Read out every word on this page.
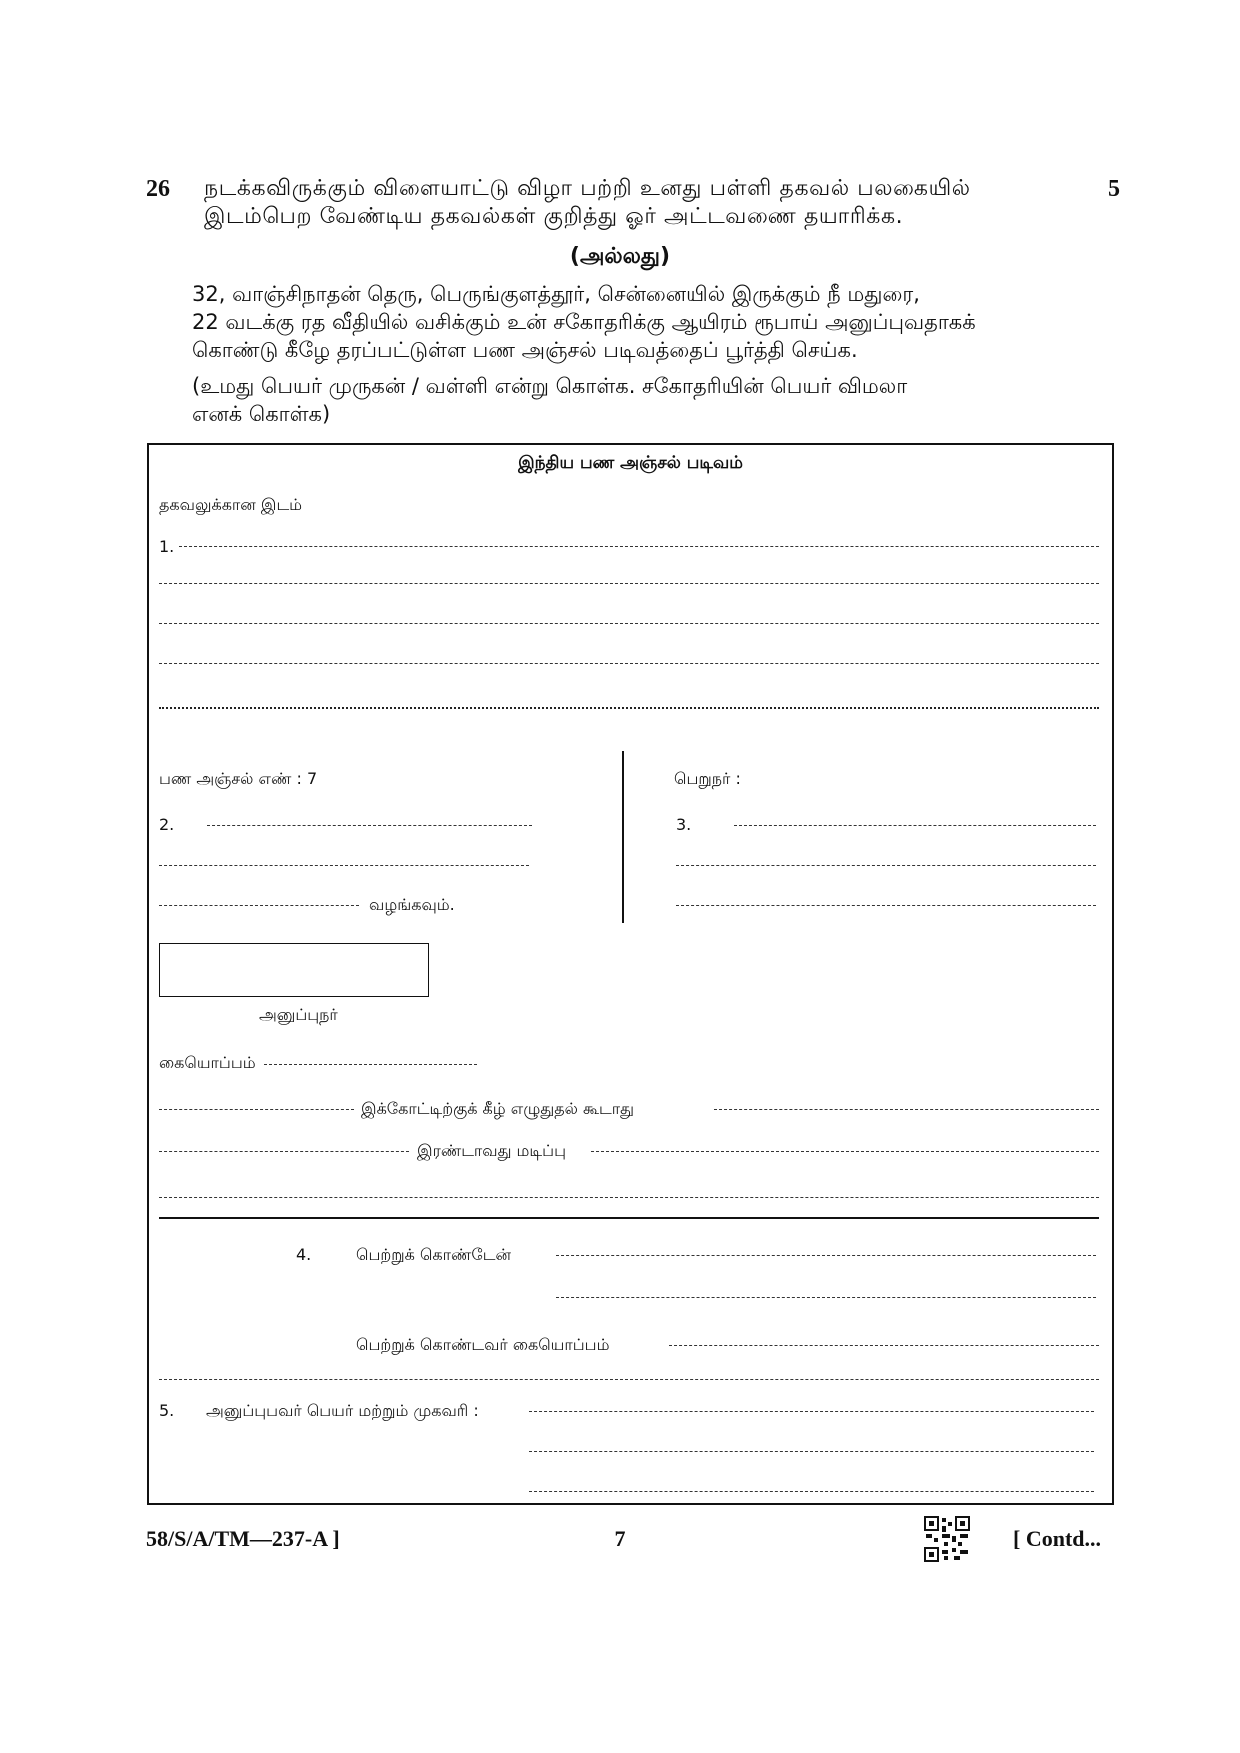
26	5
நடக்கவிருக்கும் விளையாட்டு விழா பற்றி உனது பள்ளி தகவல் பலகையில்
இடம்பெற வேண்டிய தகவல்கள் குறித்து ஓர் அட்டவணை தயாரிக்க.
(அல்லது)
32, வாஞ்சிநாதன் தெரு, பெருங்குளத்தூர், சென்னையில் இருக்கும் நீ மதுரை,
22 வடக்கு ரத வீதியில் வசிக்கும் உன் சகோதரிக்கு ஆயிரம் ரூபாய் அனுப்புவதாகக்
கொண்டு கீழே தரப்பட்டுள்ள பண அஞ்சல் படிவத்தைப் பூர்த்தி செய்க.
(உமது பெயர் முருகன் / வள்ளி என்று கொள்க. சகோதரியின் பெயர் விமலா
எனக் கொள்க)
இந்திய பண அஞ்சல் படிவம்
தகவலுக்கான இடம்
1.
பண அஞ்சல் எண் : 7	பெறுநர் :
2.
வழங்கவும்.
3.
அனுப்புநர்
கையொப்பம்
இக்கோட்டிற்குக் கீழ் எழுதுதல் கூடாது
இரண்டாவது மடிப்பு
4.	பெற்றுக் கொண்டேன்
பெற்றுக் கொண்டவர் கையொப்பம்
5. அனுப்புபவர் பெயர் மற்றும் முகவரி :
58/S/A/TM—237-A ]	7	[ Contd...
